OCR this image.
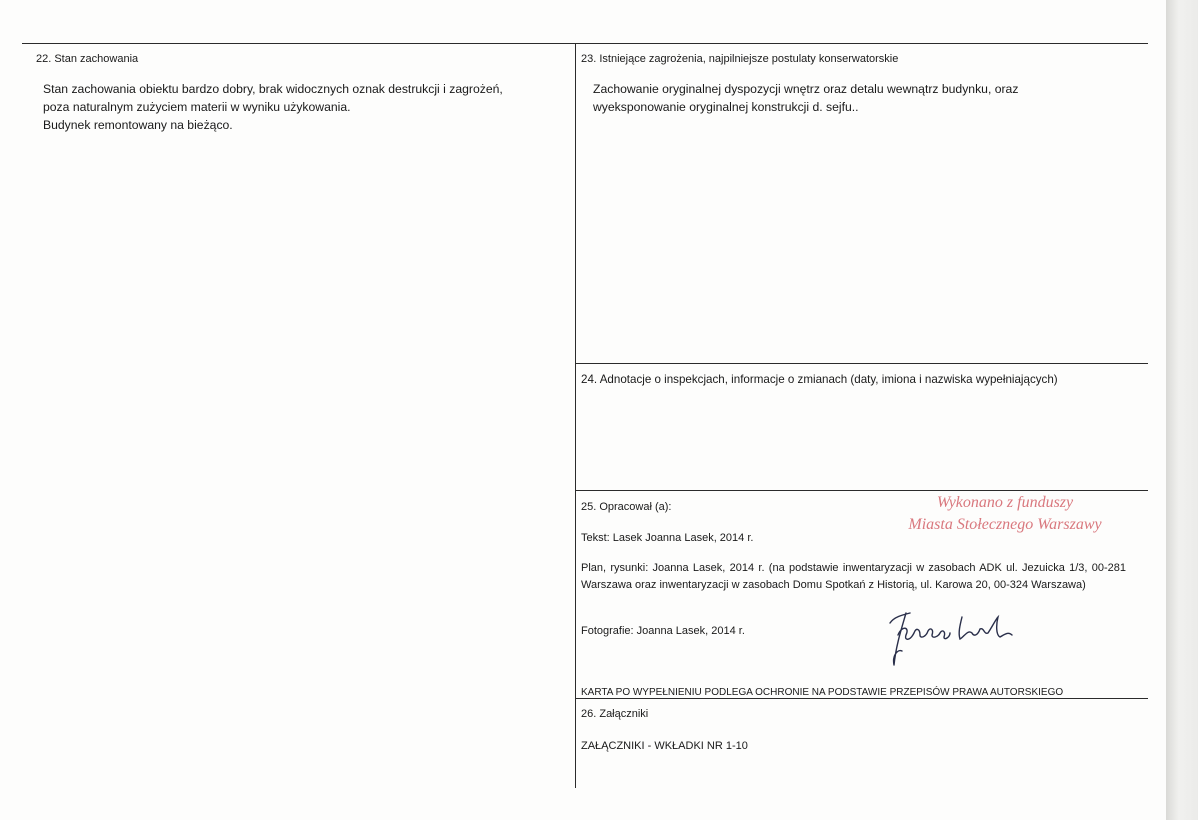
22. Stan zachowania
Stan zachowania obiektu bardzo dobry, brak widocznych oznak destrukcji i zagrożeń,
poza naturalnym zużyciem materii w wyniku użykowania.
Budynek remontowany na bieżąco.
23. Istniejące zagrożenia, najpilniejsze postulaty konserwatorskie
Zachowanie oryginalnej dyspozycji wnętrz oraz detalu wewnątrz budynku, oraz
wyeksponowanie oryginalnej konstrukcji d. sejfu..
24. Adnotacje o inspekcjach, informacje o zmianach (daty, imiona i nazwiska wypełniających)
25. Opracował (a):	Wykonano z funduszy
Miasta Stołecznego Warszawy
Tekst: Lasek Joanna Lasek, 2014 r.
Plan, rysunki: Joanna Lasek, 2014 r. (na podstawie inwentaryzacji w zasobach ADK ul. Jezuicka 1/3, 00-281 Warszawa oraz inwentaryzacji w zasobach Domu Spotkań z Historią, ul. Karowa 20, 00-324 Warszawa)
Fotografie: Joanna Lasek, 2014 r.
KARTA PO WYPEŁNIENIU PODLEGA OCHRONIE NA PODSTAWIE PRZEPISÓW PRAWA AUTORSKIEGO
26. Załączniki
ZAŁĄCZNIKI - WKŁADKI NR 1-10
